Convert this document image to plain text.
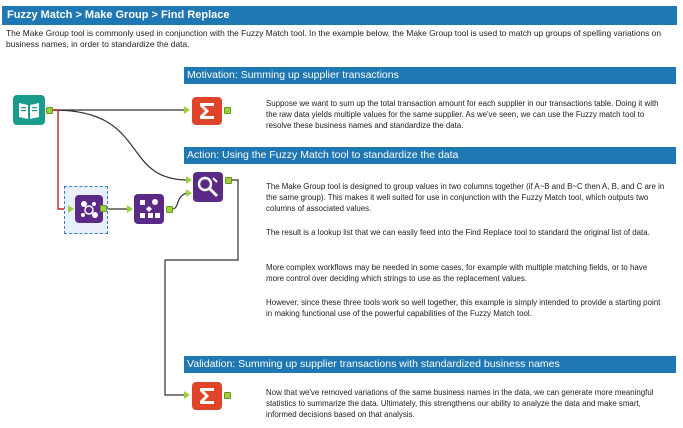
Fuzzy Match > Make Group > Find Replace
The Make Group tool is commonly used in conjunction with the Fuzzy Match tool. In the example below, the Make Group tool is used to match up groups of spelling variations on business names, in order to standardize the data.
Motivation: Summing up supplier transactions
Suppose we want to sum up the total transaction amount for each supplier in our transactions table. Doing it with the raw data yields multiple values for the same supplier. As we've seen, we can use the Fuzzy match tool to resolve these business names and standardize the data.
Action: Using the Fuzzy Match tool to standardize the data
The Make Group tool is designed to group values in two columns together (if A~B and B~C then A, B, and C are in the same group). This makes it well suited for use in conjunction with the Fuzzy Match tool, which outputs two columns of associated values.
The result is a lookup list that we can easily feed into the Find Replace tool to standard the original list of data.
More complex workflows may be needed in some cases, for example with multiple matching fields, or to have more control over deciding which strings to use as the replacement values.
However, since these three tools work so well together, this example is simply intended to provide a starting point in making functional use of the powerful capabilities of the Fuzzy Match tool.
Validation: Summing up supplier transactions with standardized business names
Now that we've removed variations of the same business names in the data, we can generate more meaningful statistics to summarize the data. Ultimately, this strengthens our ability to analyze the data and make smart, informed decisions based on that analysis.
